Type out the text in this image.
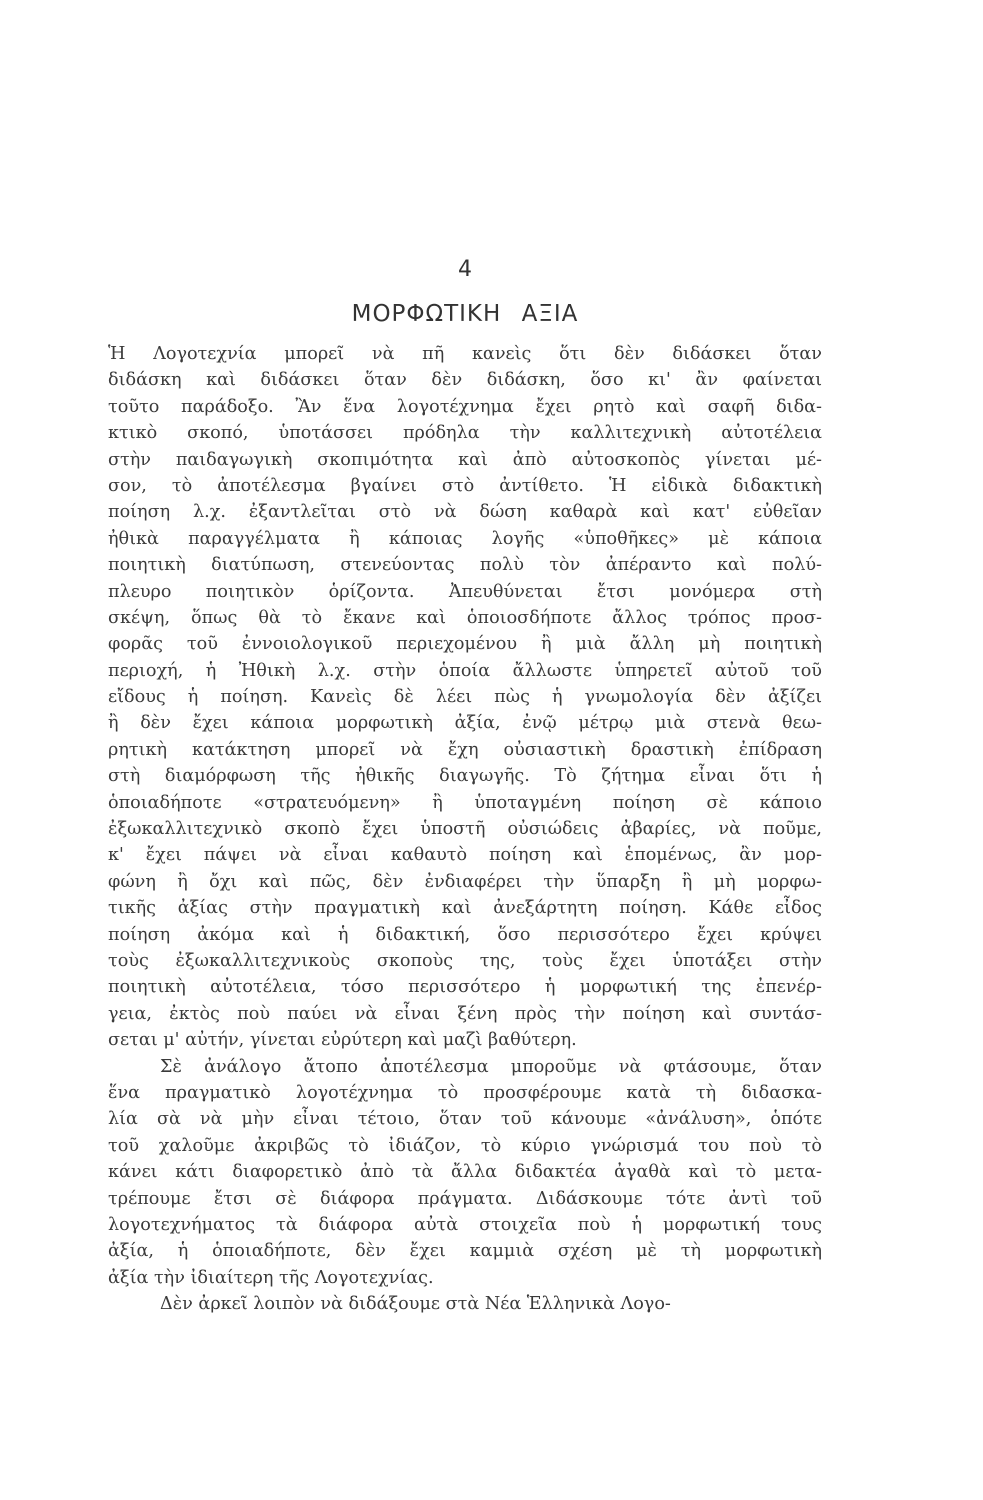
4
ΜΟΡΦΩΤΙΚΗ ΑΞΙΑ
Ἡ Λογοτεχνία μπορεῖ νὰ πῆ κανεὶς ὅτι δὲν διδάσκει ὅταν
διδάσκη καὶ διδάσκει ὅταν δὲν διδάσκη, ὅσο κι' ἂν φαίνεται
τοῦτο παράδοξο. Ἂν ἕνα λογοτέχνημα ἔχει ρητὸ καὶ σαφῆ διδα-
κτικὸ σκοπό, ὑποτάσσει πρόδηλα τὴν καλλιτεχνικὴ αὐτοτέλεια
στὴν παιδαγωγικὴ σκοπιμότητα καὶ ἀπὸ αὐτοσκοπὸς γίνεται μέ-
σον, τὸ ἀποτέλεσμα βγαίνει στὸ ἀντίθετο. Ἡ εἰδικὰ διδακτικὴ
ποίηση λ.χ. ἐξαντλεῖται στὸ νὰ δώση καθαρὰ καὶ κατ' εὐθεῖαν
ἠθικὰ παραγγέλματα ἢ κάποιας λογῆς «ὑποθῆκες» μὲ κάποια
ποιητικὴ διατύπωση, στενεύοντας πολὺ τὸν ἀπέραντο καὶ πολύ-
πλευρο ποιητικὸν ὁρίζοντα. Ἀπευθύνεται ἔτσι μονόμερα στὴ
σκέψη, ὅπως θὰ τὸ ἔκανε καὶ ὁποιοσδήποτε ἄλλος τρόπος προσ-
φορᾶς τοῦ ἐννοιολογικοῦ περιεχομένου ἢ μιὰ ἄλλη μὴ ποιητικὴ
περιοχή, ἡ Ἠθικὴ λ.χ. στὴν ὁποία ἄλλωστε ὑπηρετεῖ αὐτοῦ τοῦ
εἴδους ἡ ποίηση. Κανεὶς δὲ λέει πὼς ἡ γνωμολογία δὲν ἀξίζει
ἢ δὲν ἔχει κάποια μορφωτικὴ ἀξία, ἐνῷ μέτρῳ μιὰ στενὰ θεω-
ρητικὴ κατάκτηση μπορεῖ νὰ ἔχη οὐσιαστικὴ δραστικὴ ἐπίδραση
στὴ διαμόρφωση τῆς ἠθικῆς διαγωγῆς. Τὸ ζήτημα εἶναι ὅτι ἡ
ὁποιαδήποτε «στρατευόμενη» ἢ ὑποταγμένη ποίηση σὲ κάποιο
ἐξωκαλλιτεχνικὸ σκοπὸ ἔχει ὑποστῆ οὐσιώδεις ἀβαρίες, νὰ ποῦμε,
κ' ἔχει πάψει νὰ εἶναι καθαυτὸ ποίηση καὶ ἑπομένως, ἂν μορ-
φώνη ἢ ὄχι καὶ πῶς, δὲν ἐνδιαφέρει τὴν ὕπαρξη ἢ μὴ μορφω-
τικῆς ἀξίας στὴν πραγματικὴ καὶ ἀνεξάρτητη ποίηση. Κάθε εἶδος
ποίηση ἀκόμα καὶ ἡ διδακτική, ὅσο περισσότερο ἔχει κρύψει
τοὺς ἐξωκαλλιτεχνικοὺς σκοποὺς της, τοὺς ἔχει ὑποτάξει στὴν
ποιητικὴ αὐτοτέλεια, τόσο περισσότερο ἡ μορφωτική της ἐπενέρ-
γεια, ἐκτὸς ποὺ παύει νὰ εἶναι ξένη πρὸς τὴν ποίηση καὶ συντάσ-
σεται μ' αὐτήν, γίνεται εὐρύτερη καὶ μαζὶ βαθύτερη.
Σὲ ἀνάλογο ἄτοπο ἀποτέλεσμα μποροῦμε νὰ φτάσουμε, ὅταν
ἕνα πραγματικὸ λογοτέχνημα τὸ προσφέρουμε κατὰ τὴ διδασκα-
λία σὰ νὰ μὴν εἶναι τέτοιο, ὅταν τοῦ κάνουμε «ἀνάλυση», ὁπότε
τοῦ χαλοῦμε ἀκριβῶς τὸ ἰδιάζον, τὸ κύριο γνώρισμά του ποὺ τὸ
κάνει κάτι διαφορετικὸ ἀπὸ τὰ ἄλλα διδακτέα ἀγαθὰ καὶ τὸ μετα-
τρέπουμε ἔτσι σὲ διάφορα πράγματα. Διδάσκουμε τότε ἀντὶ τοῦ
λογοτεχνήματος τὰ διάφορα αὐτὰ στοιχεῖα ποὺ ἡ μορφωτική τους
ἀξία, ἡ ὁποιαδήποτε, δὲν ἔχει καμμιὰ σχέση μὲ τὴ μορφωτικὴ
ἀξία τὴν ἰδιαίτερη τῆς Λογοτεχνίας.
Δὲν ἀρκεῖ λοιπὸν νὰ διδάξουμε στὰ Νέα Ἑλληνικὰ Λογο-
